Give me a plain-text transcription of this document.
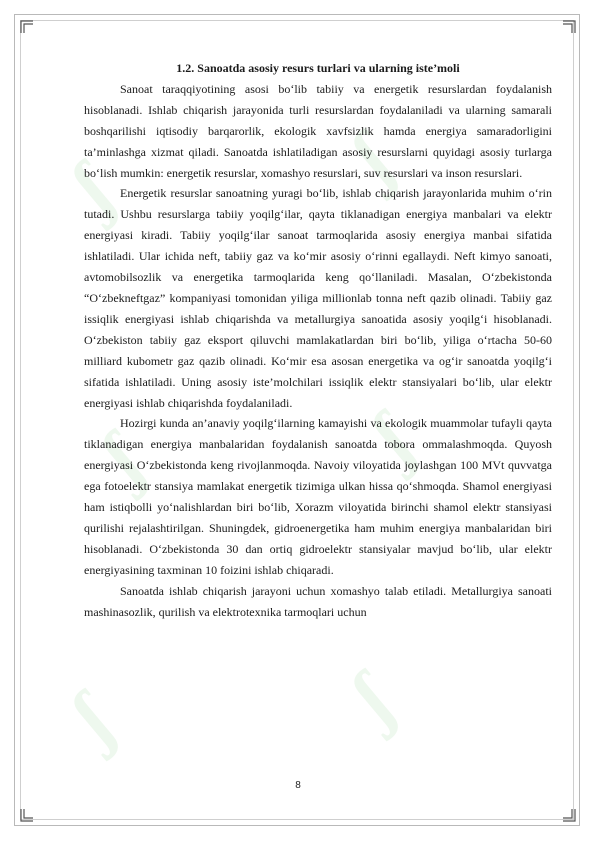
ʃ	ʃ
ʃ	ʃ
ʃ	ʃ

1.2. Sanoatda asosiy resurs turlari va ularning iste’moli

Sanoat taraqqiyotining asosi bo‘lib tabiiy va energetik resurslardan foydalanish hisoblanadi. Ishlab chiqarish jarayonida turli resurslardan foydalaniladi va ularning samarali boshqarilishi iqtisodiy barqarorlik, ekologik xavfsizlik hamda energiya samaradorligini ta’minlashga xizmat qiladi. Sanoatda ishlatiladigan asosiy resurslarni quyidagi asosiy turlarga bo‘lish mumkin: energetik resurslar, xomashyo resurslari, suv resurslari va inson resurslari.

Energetik resurslar sanoatning yuragi bo‘lib, ishlab chiqarish jarayonlarida muhim o‘rin tutadi. Ushbu resurslarga tabiiy yoqilg‘ilar, qayta tiklanadigan energiya manbalari va elektr energiyasi kiradi. Tabiiy yoqilg‘ilar sanoat tarmoqlarida asosiy energiya manbai sifatida ishlatiladi. Ular ichida neft, tabiiy gaz va ko‘mir asosiy o‘rinni egallaydi. Neft kimyo sanoati, avtomobilsozlik va energetika tarmoqlarida keng qo‘llaniladi. Masalan, O‘zbekistonda “O‘zbekneftgaz” kompaniyasi tomonidan yiliga millionlab tonna neft qazib olinadi. Tabiiy gaz issiqlik energiyasi ishlab chiqarishda va metallurgiya sanoatida asosiy yoqilg‘i hisoblanadi. O‘zbekiston tabiiy gaz eksport qiluvchi mamlakatlardan biri bo‘lib, yiliga o‘rtacha 50-60 milliard kubometr gaz qazib olinadi. Ko‘mir esa asosan energetika va og‘ir sanoatda yoqilg‘i sifatida ishlatiladi. Uning asosiy iste’molchilari issiqlik elektr stansiyalari bo‘lib, ular elektr energiyasi ishlab chiqarishda foydalaniladi.

Hozirgi kunda an’anaviy yoqilg‘ilarning kamayishi va ekologik muammolar tufayli qayta tiklanadigan energiya manbalaridan foydalanish sanoatda tobora ommalashmoqda. Quyosh energiyasi O‘zbekistonda keng rivojlanmoqda. Navoiy viloyatida joylashgan 100 MVt quvvatga ega fotoelektr stansiya mamlakat energetik tizimiga ulkan hissa qo‘shmoqda. Shamol energiyasi ham istiqbolli yo‘nalishlardan biri bo‘lib, Xorazm viloyatida birinchi shamol elektr stansiyasi qurilishi rejalashtirilgan. Shuningdek, gidroenergetika ham muhim energiya manbalaridan biri hisoblanadi. O‘zbekistonda 30 dan ortiq gidroelektr stansiyalar mavjud bo‘lib, ular elektr energiyasining taxminan 10 foizini ishlab chiqaradi.

Sanoatda ishlab chiqarish jarayoni uchun xomashyo talab etiladi. Metallurgiya sanoati mashinasozlik, qurilish va elektrotexnika tarmoqlari uchun

8
